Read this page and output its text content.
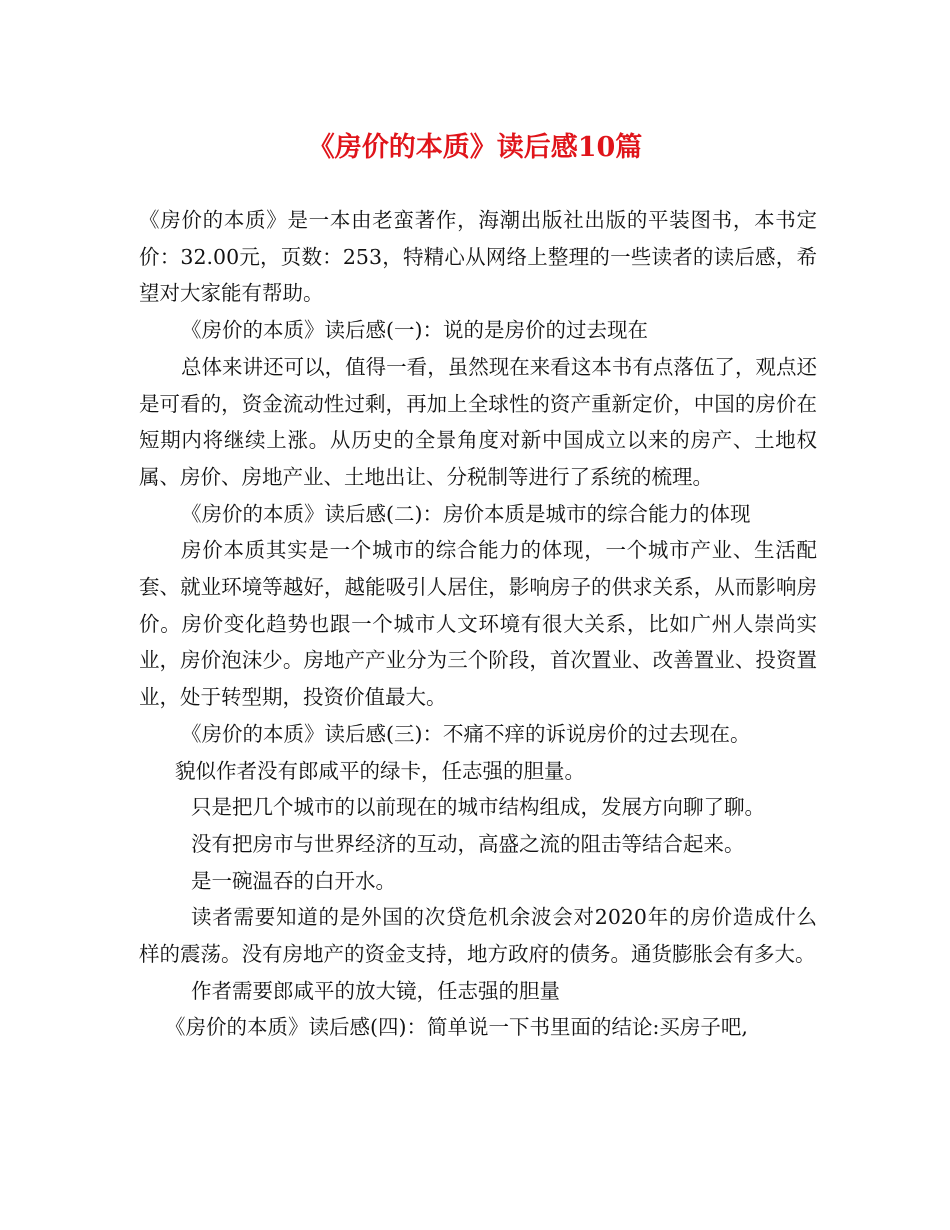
《房价的本质》读后感10篇

《房价的本质》是一本由老蛮著作，海潮出版社出版的平装图书，本书定价：32.00元，页数：253，特精心从网络上整理的一些读者的读后感，希望对大家能有帮助。

《房价的本质》读后感(一)：说的是房价的过去现在

总体来讲还可以，值得一看，虽然现在来看这本书有点落伍了，观点还是可看的，资金流动性过剩，再加上全球性的资产重新定价，中国的房价在短期内将继续上涨。从历史的全景角度对新中国成立以来的房产、土地权属、房价、房地产业、土地出让、分税制等进行了系统的梳理。

《房价的本质》读后感(二)：房价本质是城市的综合能力的体现

房价本质其实是一个城市的综合能力的体现，一个城市产业、生活配套、就业环境等越好，越能吸引人居住，影响房子的供求关系，从而影响房价。房价变化趋势也跟一个城市人文环境有很大关系，比如广州人崇尚实业，房价泡沫少。房地产产业分为三个阶段，首次置业、改善置业、投资置业，处于转型期，投资价值最大。

《房价的本质》读后感(三)：不痛不痒的诉说房价的过去现在。

貌似作者没有郎咸平的绿卡，任志强的胆量。

只是把几个城市的以前现在的城市结构组成，发展方向聊了聊。

没有把房市与世界经济的互动，高盛之流的阻击等结合起来。

是一碗温吞的白开水。

读者需要知道的是外国的次贷危机余波会对2020年的房价造成什么样的震荡。没有房地产的资金支持，地方政府的债务。通货膨胀会有多大。

作者需要郎咸平的放大镜，任志强的胆量

《房价的本质》读后感(四)：简单说一下书里面的结论:买房子吧,
